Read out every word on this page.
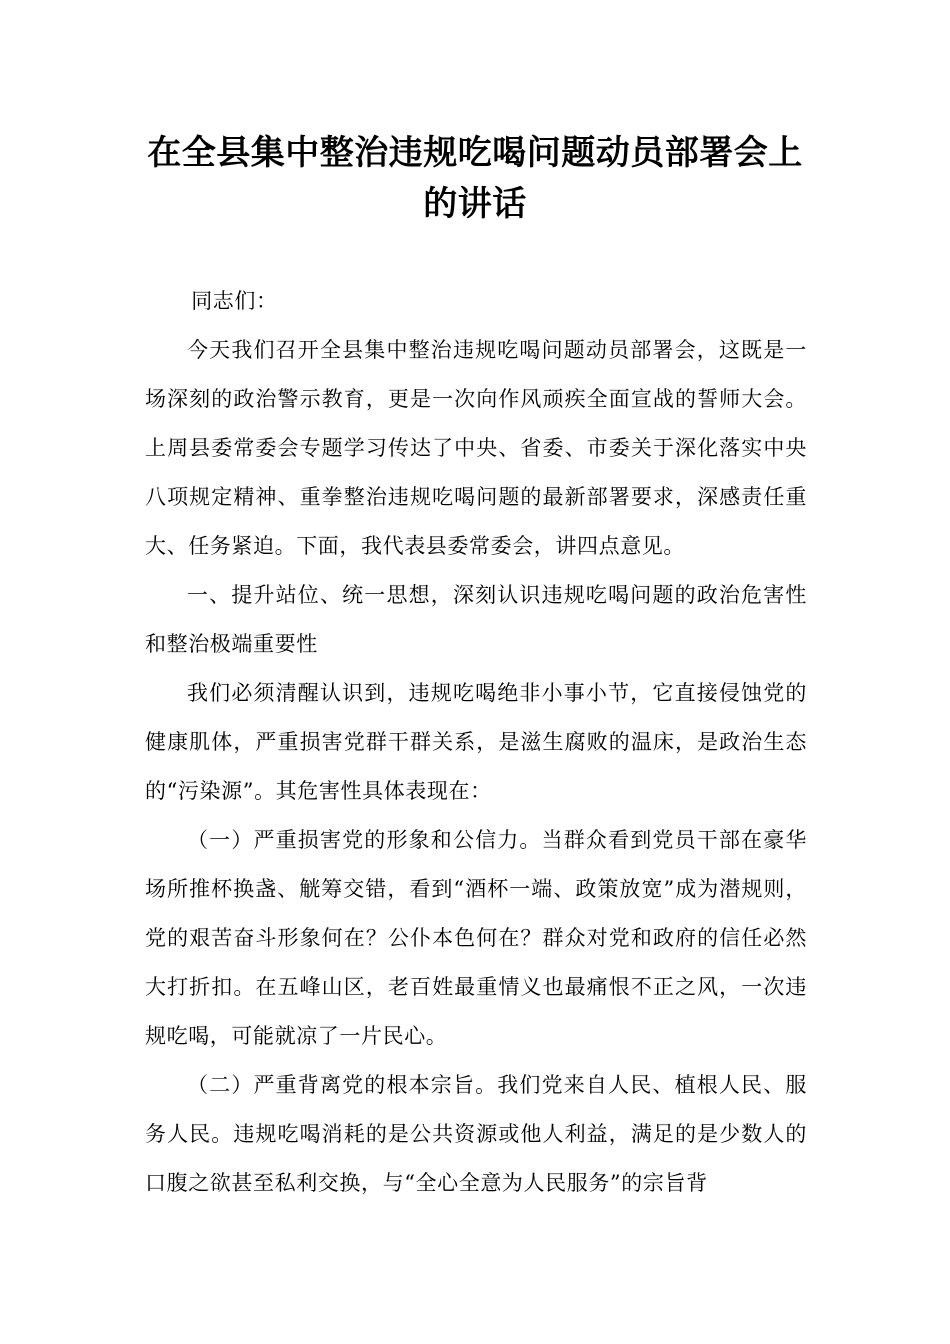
在全县集中整治违规吃喝问题动员部署会上的讲话

同志们：

今天我们召开全县集中整治违规吃喝问题动员部署会，这既是一场深刻的政治警示教育，更是一次向作风顽疾全面宣战的誓师大会。上周县委常委会专题学习传达了中央、省委、市委关于深化落实中央八项规定精神、重拳整治违规吃喝问题的最新部署要求，深感责任重大、任务紧迫。下面，我代表县委常委会，讲四点意见。

一、提升站位、统一思想，深刻认识违规吃喝问题的政治危害性和整治极端重要性

我们必须清醒认识到，违规吃喝绝非小事小节，它直接侵蚀党的健康肌体，严重损害党群干群关系，是滋生腐败的温床，是政治生态的“污染源”。其危害性具体表现在：

（一）严重损害党的形象和公信力。当群众看到党员干部在豪华场所推杯换盏、觥筹交错，看到“酒杯一端、政策放宽”成为潜规则，党的艰苦奋斗形象何在？公仆本色何在？群众对党和政府的信任必然大打折扣。在五峰山区，老百姓最重情义也最痛恨不正之风，一次违规吃喝，可能就凉了一片民心。

（二）严重背离党的根本宗旨。我们党来自人民、植根人民、服务人民。违规吃喝消耗的是公共资源或他人利益，满足的是少数人的口腹之欲甚至私利交换，与“全心全意为人民服务”的宗旨背
